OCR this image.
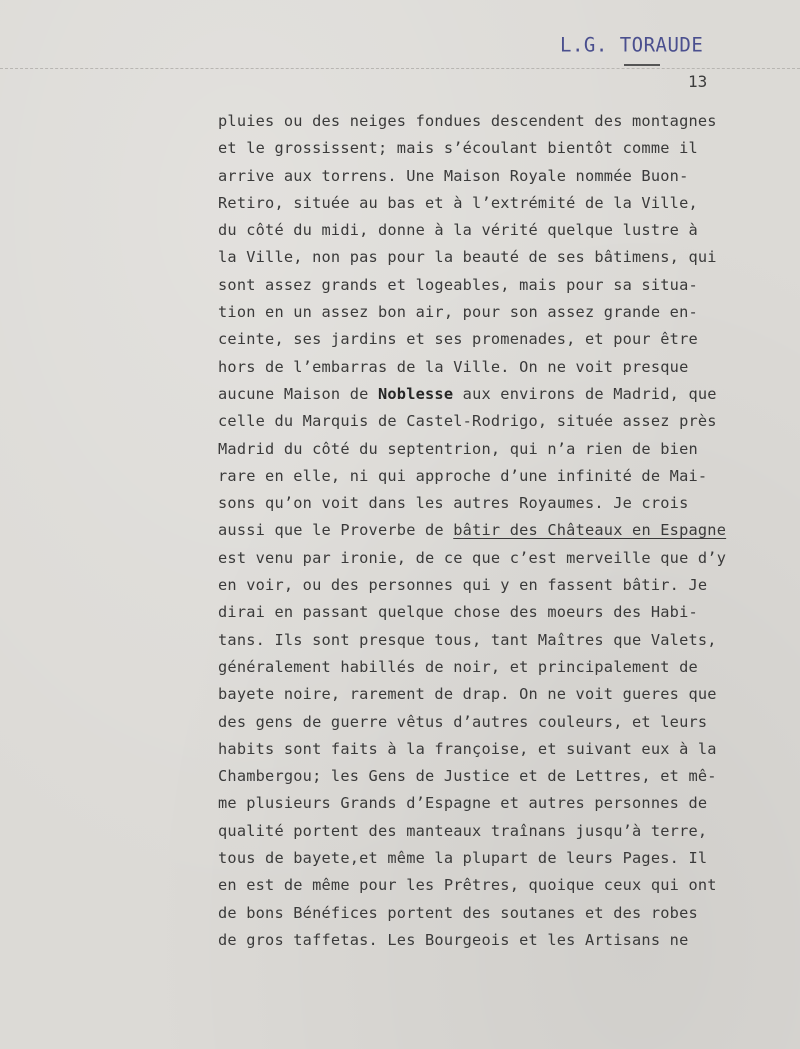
L.G. TORAUDE
13
pluies ou des neiges fondues descendent des montagnes
et le grossissent; mais s’écoulant bientôt comme il
arrive aux torrens. Une Maison Royale nommée Buon-
Retiro, située au bas et à l’extrémité de la Ville,
du côté du midi, donne à la vérité quelque lustre à
la Ville, non pas pour la beauté de ses bâtimens, qui
sont assez grands et logeables, mais pour sa situa-
tion en un assez bon air, pour son assez grande en-
ceinte, ses jardins et ses promenades, et pour être
hors de l’embarras de la Ville. On ne voit presque
aucune Maison de Noblesse aux environs de Madrid, que
celle du Marquis de Castel-Rodrigo, située assez près
Madrid du côté du septentrion, qui n’a rien de bien
rare en elle, ni qui approche d’une infinité de Mai-
sons qu’on voit dans les autres Royaumes. Je crois
aussi que le Proverbe de bâtir des Châteaux en Espagne
est venu par ironie, de ce que c’est merveille que d’y
en voir, ou des personnes qui y en fassent bâtir. Je
dirai en passant quelque chose des moeurs des Habi-
tans. Ils sont presque tous, tant Maîtres que Valets,
généralement habillés de noir, et principalement de
bayete noire, rarement de drap. On ne voit gueres que
des gens de guerre vêtus d’autres couleurs, et leurs
habits sont faits à la françoise, et suivant eux à la
Chambergou; les Gens de Justice et de Lettres, et mê-
me plusieurs Grands d’Espagne et autres personnes de
qualité portent des manteaux traînans jusqu’à terre,
tous de bayete,et même la plupart de leurs Pages. Il
en est de même pour les Prêtres, quoique ceux qui ont
de bons Bénéfices portent des soutanes et des robes
de gros taffetas. Les Bourgeois et les Artisans ne
